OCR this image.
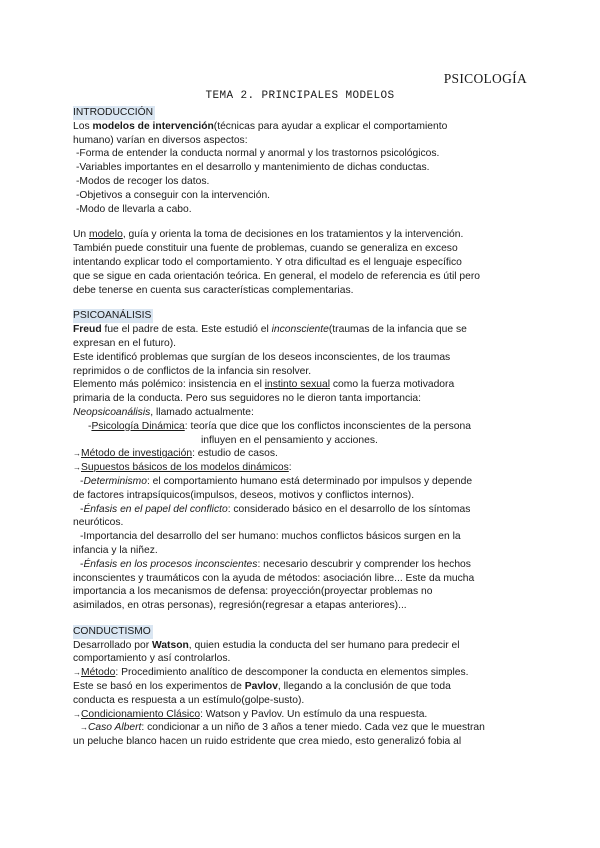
PSICOLOGÍA
TEMA 2. PRINCIPALES MODELOS
INTRODUCCIÓN
Los modelos de intervención(técnicas para ayudar a explicar el comportamiento
humano) varían en diversos aspectos:
-Forma de entender la conducta normal y anormal y los trastornos psicológicos.
-Variables importantes en el desarrollo y mantenimiento de dichas conductas.
-Modos de recoger los datos.
-Objetivos a conseguir con la intervención.
-Modo de llevarla a cabo.
Un modelo, guía y orienta la toma de decisiones en los tratamientos y la intervención.
También puede constituir una fuente de problemas, cuando se generaliza en exceso
intentando explicar todo el comportamiento. Y otra dificultad es el lenguaje específico
que se sigue en cada orientación teórica. En general, el modelo de referencia es útil pero
debe tenerse en cuenta sus características complementarias.
PSICOANÁLISIS
Freud fue el padre de esta. Este estudió el inconsciente(traumas de la infancia que se
expresan en el futuro).
Este identificó problemas que surgían de los deseos inconscientes, de los traumas
reprimidos o de conflictos de la infancia sin resolver.
Elemento más polémico: insistencia en el instinto sexual como la fuerza motivadora
primaria de la conducta. Pero sus seguidores no le dieron tanta importancia:
Neopsicoanálisis, llamado actualmente:
-Psicología Dinámica: teoría que dice que los conflictos inconscientes de la persona
influyen en el pensamiento y acciones.
→Método de investigación: estudio de casos.
→Supuestos básicos de los modelos dinámicos:
-Determinismo: el comportamiento humano está determinado por impulsos y depende
de factores intrapsíquicos(impulsos, deseos, motivos y conflictos internos).
-Énfasis en el papel del conflicto: considerado básico en el desarrollo de los síntomas
neuróticos.
-Importancia del desarrollo del ser humano: muchos conflictos básicos surgen en la
infancia y la niñez.
-Énfasis en los procesos inconscientes: necesario descubrir y comprender los hechos
inconscientes y traumáticos con la ayuda de métodos: asociación libre... Este da mucha
importancia a los mecanismos de defensa: proyección(proyectar problemas no
asimilados, en otras personas), regresión(regresar a etapas anteriores)...
CONDUCTISMO
Desarrollado por Watson, quien estudia la conducta del ser humano para predecir el
comportamiento y así controlarlos.
→Método: Procedimiento analítico de descomponer la conducta en elementos simples.
Este se basó en los experimentos de Pavlov, llegando a la conclusión de que toda
conducta es respuesta a un estímulo(golpe-susto).
→Condicionamiento Clásico: Watson y Pavlov. Un estímulo da una respuesta.
→Caso Albert: condicionar a un niño de 3 años a tener miedo. Cada vez que le muestran
un peluche blanco hacen un ruido estridente que crea miedo, esto generalizó fobia al
